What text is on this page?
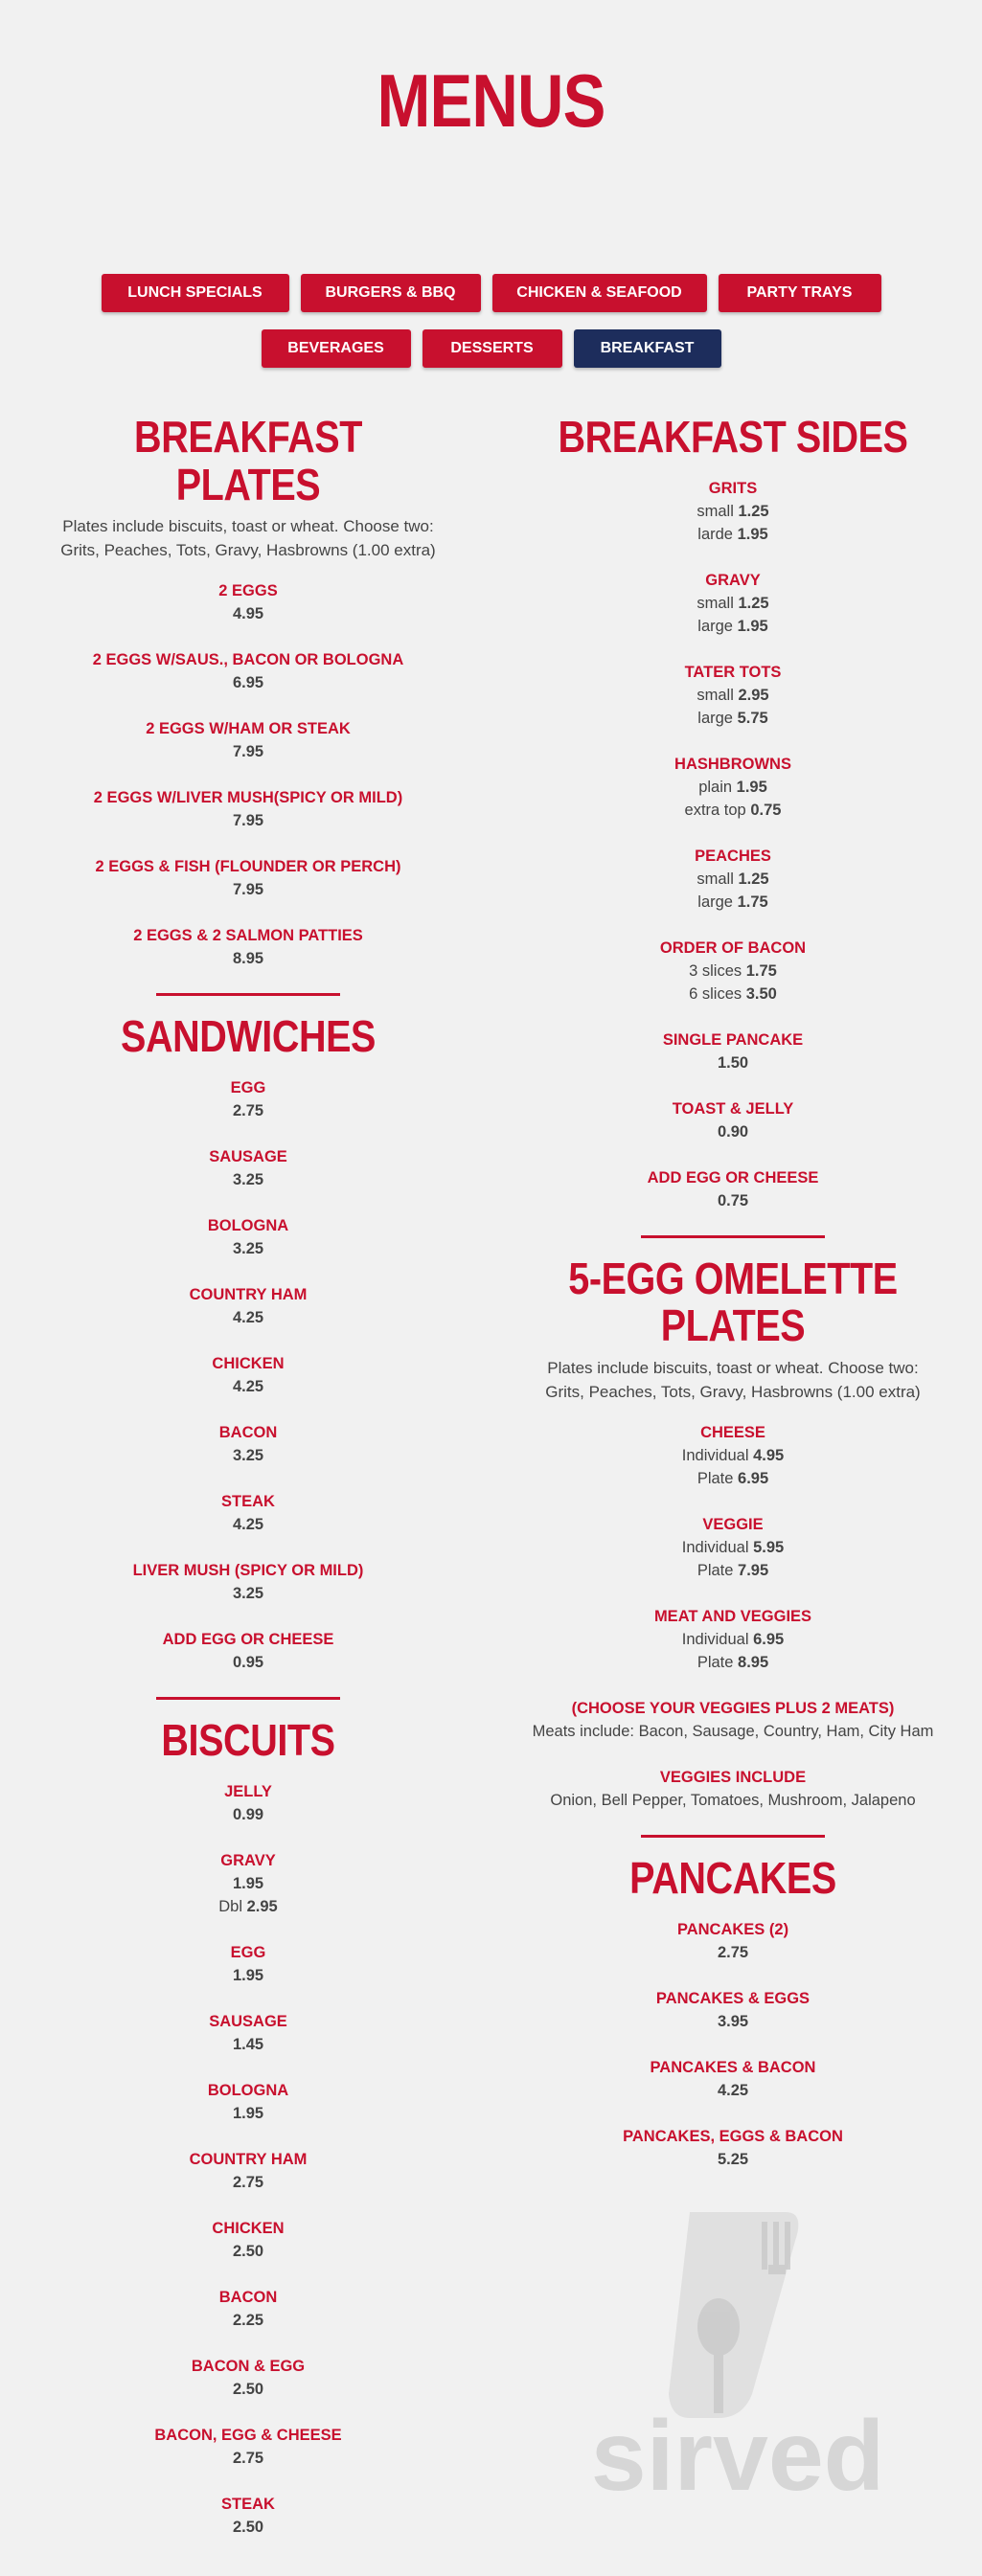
MENUS
LUNCH SPECIALS	BURGERS & BBQ	CHICKEN & SEAFOOD	PARTY TRAYS
BEVERAGES	DESSERTS	BREAKFAST
BREAKFAST PLATES
Plates include biscuits, toast or wheat. Choose two: Grits, Peaches, Tots, Gravy, Hasbrowns (1.00 extra)
2 EGGS
4.95
2 EGGS W/SAUS., BACON OR BOLOGNA
6.95
2 EGGS W/HAM OR STEAK
7.95
2 EGGS W/LIVER MUSH(SPICY OR MILD)
7.95
2 EGGS & FISH (FLOUNDER OR PERCH)
7.95
2 EGGS & 2 SALMON PATTIES
8.95
SANDWICHES
EGG
2.75
SAUSAGE
3.25
BOLOGNA
3.25
COUNTRY HAM
4.25
CHICKEN
4.25
BACON
3.25
STEAK
4.25
LIVER MUSH (SPICY OR MILD)
3.25
ADD EGG OR CHEESE
0.95
BISCUITS
JELLY
0.99
GRAVY
1.95
Dbl 2.95
EGG
1.95
SAUSAGE
1.45
BOLOGNA
1.95
COUNTRY HAM
2.75
CHICKEN
2.50
BACON
2.25
BACON & EGG
2.50
BACON, EGG & CHEESE
2.75
STEAK
2.50
BREAKFAST SIDES
GRITS
small 1.25
larde 1.95
GRAVY
small 1.25
large 1.95
TATER TOTS
small 2.95
large 5.75
HASHBROWNS
plain 1.95
extra top 0.75
PEACHES
small 1.25
large 1.75
ORDER OF BACON
3 slices 1.75
6 slices 3.50
SINGLE PANCAKE
1.50
TOAST & JELLY
0.90
ADD EGG OR CHEESE
0.75
5-EGG OMELETTE
PLATES
Plates include biscuits, toast or wheat. Choose two: Grits, Peaches, Tots, Gravy, Hasbrowns (1.00 extra)
CHEESE
Individual 4.95
Plate 6.95
VEGGIE
Individual 5.95
Plate 7.95
MEAT AND VEGGIES
Individual 6.95
Plate 8.95
(CHOOSE YOUR VEGGIES PLUS 2 MEATS)
Meats include: Bacon, Sausage, Country, Ham, City Ham
VEGGIES INCLUDE
Onion, Bell Pepper, Tomatoes, Mushroom, Jalapeno
PANCAKES
PANCAKES (2)
2.75
PANCAKES & EGGS
3.95
PANCAKES & BACON
4.25
PANCAKES, EGGS & BACON
5.25
sirved
